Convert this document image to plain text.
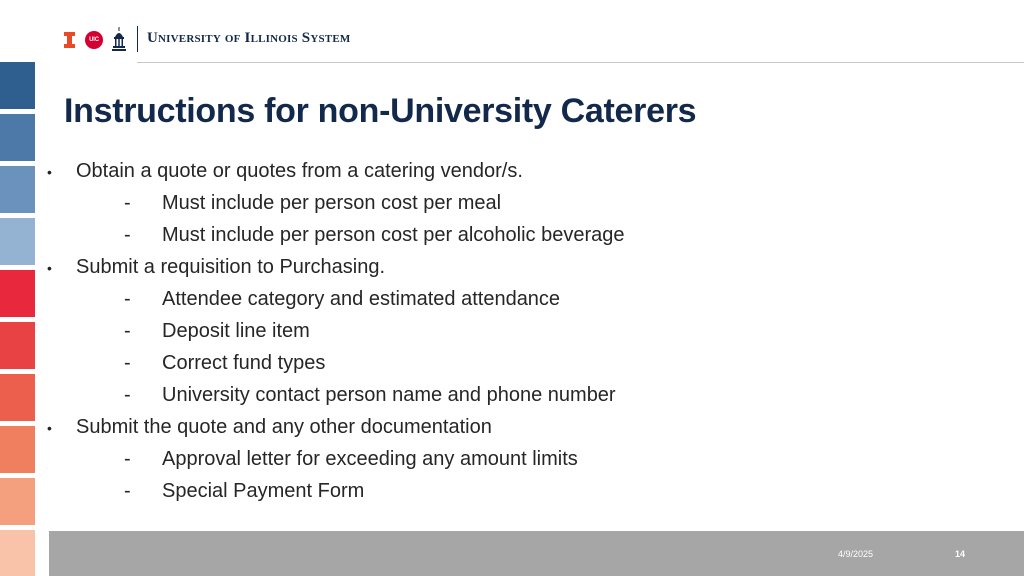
UIC	University of Illinois System
Instructions for non-University Caterers
• Obtain a quote or quotes from a catering vendor/s.
- Must include per person cost per meal
- Must include per person cost per alcoholic beverage
• Submit a requisition to Purchasing.
- Attendee category and estimated attendance
- Deposit line item
- Correct fund types
- University contact person name and phone number
• Submit the quote and any other documentation
- Approval letter for exceeding any amount limits
- Special Payment Form
4/9/2025	14
